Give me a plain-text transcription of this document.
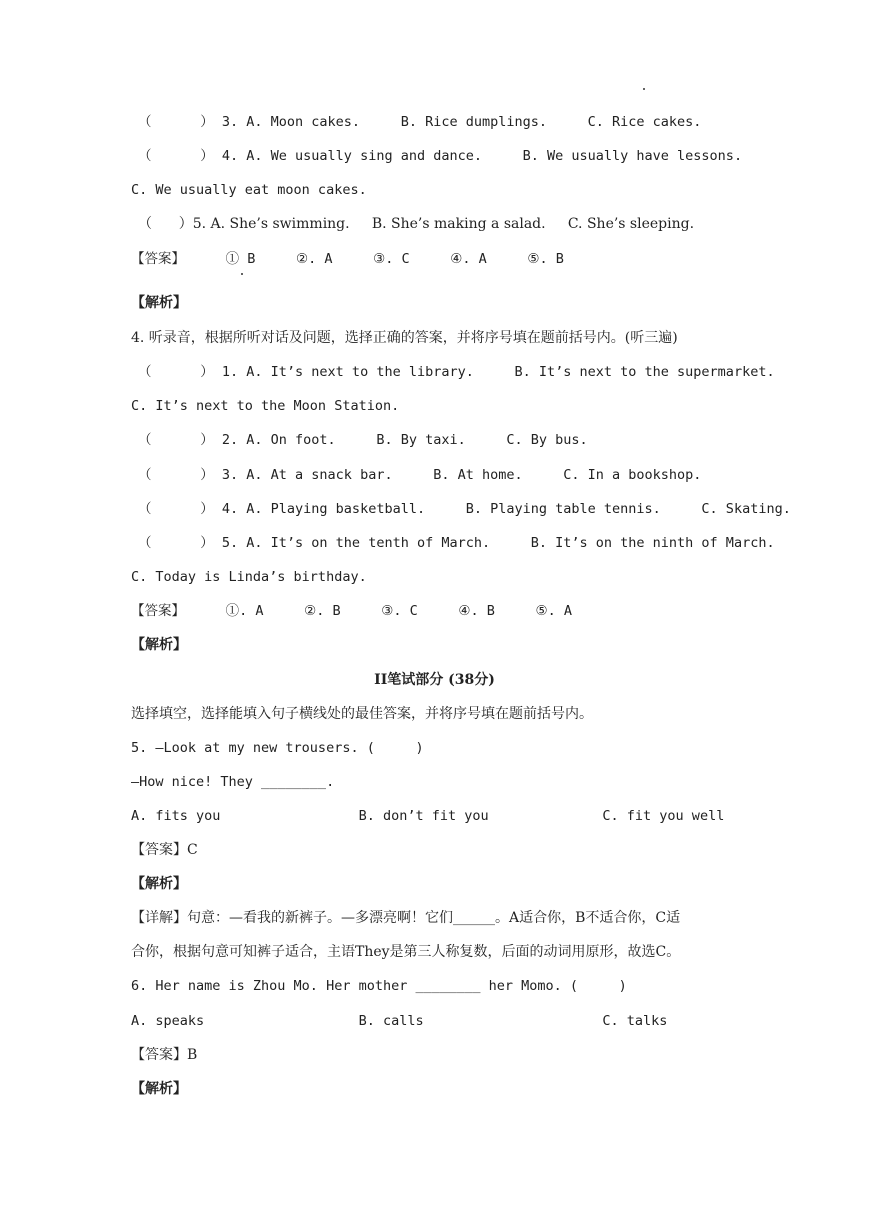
（      ） 3. A. Moon cakes.     B. Rice dumplings.     C. Rice cakes.
（      ） 4. A. We usually sing and dance.     B. We usually have lessons.
C. We usually eat moon cakes.
（      ）5. A. She’s swimming.     B. She’s making a salad.     C. She’s sleeping.
【答案】     ① B     ②. A     ③. C     ④. A     ⑤. B
【解析】
4. 听录音，根据所听对话及问题，选择正确的答案，并将序号填在题前括号内。(听三遍)
（      ） 1. A. It’s next to the library.     B. It’s next to the supermarket.
C. It’s next to the Moon Station.
（      ） 2. A. On foot.     B. By taxi.     C. By bus.
（      ） 3. A. At a snack bar.     B. At home.     C. In a bookshop.
（      ） 4. A. Playing basketball.     B. Playing table tennis.     C. Skating.
（      ） 5. A. It’s on the tenth of March.     B. It’s on the ninth of March.
C. Today is Linda’s birthday.
【答案】     ①. A     ②. B     ③. C     ④. B     ⑤. A
【解析】
II笔试部分 (38分)
选择填空，选择能填入句子横线处的最佳答案，并将序号填在题前括号内。
5. —Look at my new trousers. (     )
—How nice! They ________.
A. fits you                 B. don’t fit you              C. fit you well
【答案】C
【解析】
【详解】句意：—看我的新裤子。—多漂亮啊！它们______。A适合你，B不适合你，C适
合你，根据句意可知裤子适合，主语They是第三人称复数，后面的动词用原形，故选C。
6. Her name is Zhou Mo. Her mother ________ her Momo. (     )
A. speaks                   B. calls                      C. talks
【答案】B
【解析】
